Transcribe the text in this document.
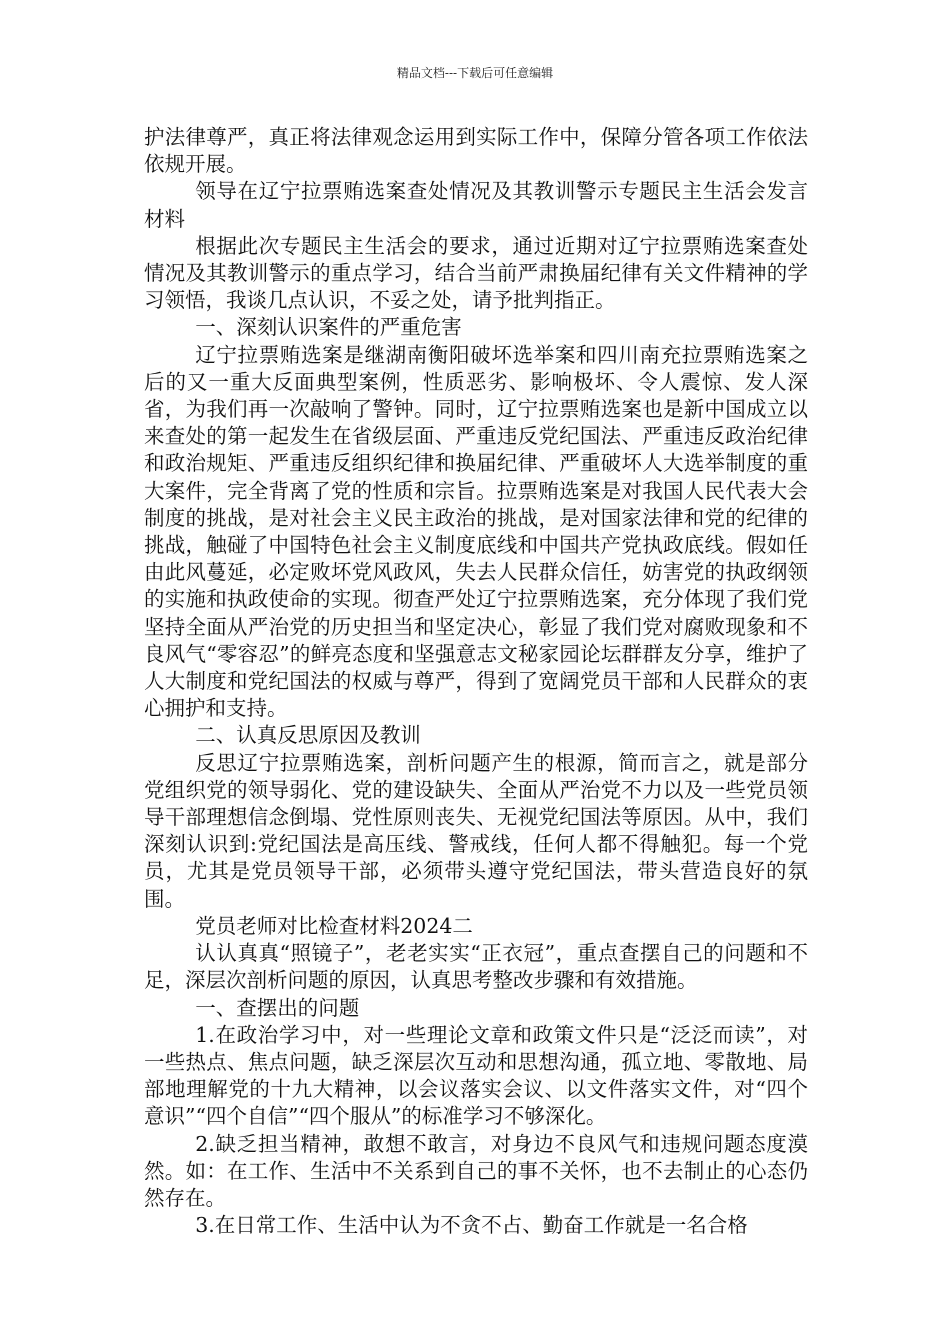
精品文档---下载后可任意编辑

护法律尊严，真正将法律观念运用到实际工作中，保障分管各项工作依法依规开展。

领导在辽宁拉票贿选案查处情况及其教训警示专题民主生活会发言材料

根据此次专题民主生活会的要求，通过近期对辽宁拉票贿选案查处情况及其教训警示的重点学习，结合当前严肃换届纪律有关文件精神的学习领悟，我谈几点认识，不妥之处，请予批判指正。

一、深刻认识案件的严重危害

辽宁拉票贿选案是继湖南衡阳破坏选举案和四川南充拉票贿选案之后的又一重大反面典型案例，性质恶劣、影响极坏、令人震惊、发人深省，为我们再一次敲响了警钟。同时，辽宁拉票贿选案也是新中国成立以来查处的第一起发生在省级层面、严重违反党纪国法、严重违反政治纪律和政治规矩、严重违反组织纪律和换届纪律、严重破坏人大选举制度的重大案件，完全背离了党的性质和宗旨。拉票贿选案是对我国人民代表大会制度的挑战，是对社会主义民主政治的挑战，是对国家法律和党的纪律的挑战，触碰了中国特色社会主义制度底线和中国共产党执政底线。假如任由此风蔓延，必定败坏党风政风，失去人民群众信任，妨害党的执政纲领的实施和执政使命的实现。彻查严处辽宁拉票贿选案，充分体现了我们党坚持全面从严治党的历史担当和坚定决心，彰显了我们党对腐败现象和不良风气“零容忍”的鲜亮态度和坚强意志文秘家园论坛群群友分享，维护了人大制度和党纪国法的权威与尊严，得到了宽阔党员干部和人民群众的衷心拥护和支持。

二、认真反思原因及教训

反思辽宁拉票贿选案，剖析问题产生的根源，简而言之，就是部分党组织党的领导弱化、党的建设缺失、全面从严治党不力以及一些党员领导干部理想信念倒塌、党性原则丧失、无视党纪国法等原因。从中，我们深刻认识到:党纪国法是高压线、警戒线，任何人都不得触犯。每一个党员，尤其是党员领导干部，必须带头遵守党纪国法，带头营造良好的氛围。

党员老师对比检查材料2024二

认认真真“照镜子”，老老实实“正衣冠”，重点查摆自己的问题和不足，深层次剖析问题的原因，认真思考整改步骤和有效措施。

一、查摆出的问题

1.在政治学习中，对一些理论文章和政策文件只是“泛泛而读”，对一些热点、焦点问题，缺乏深层次互动和思想沟通，孤立地、零散地、局部地理解党的十九大精神，以会议落实会议、以文件落实文件，对“四个意识”“四个自信”“四个服从”的标准学习不够深化。

2.缺乏担当精神，敢想不敢言，对身边不良风气和违规问题态度漠然。如：在工作、生活中不关系到自己的事不关怀，也不去制止的心态仍然存在。

3.在日常工作、生活中认为不贪不占、勤奋工作就是一名合格
